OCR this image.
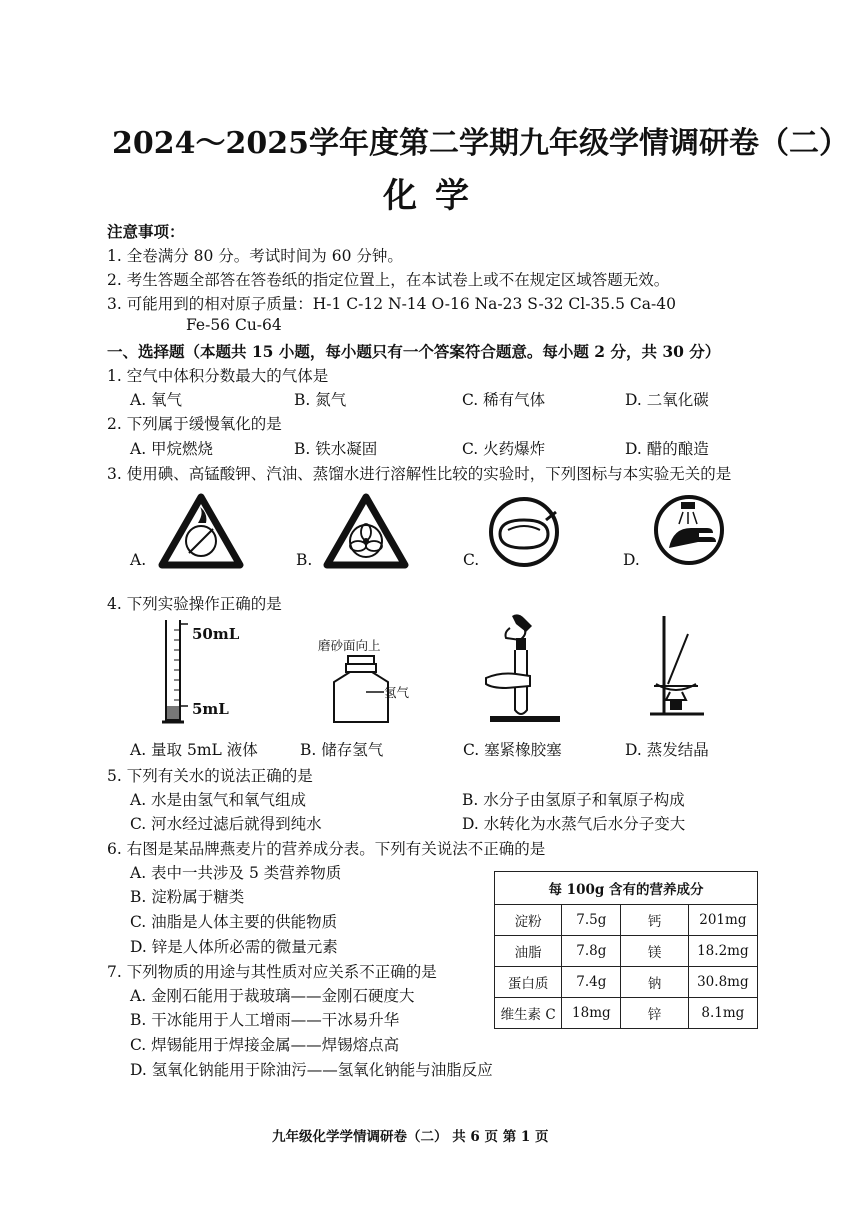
2024～2025学年度第二学期九年级学情调研卷（二）
化学
注意事项：
1. 全卷满分 80 分。考试时间为 60 分钟。
2. 考生答题全部答在答卷纸的指定位置上，在本试卷上或不在规定区域答题无效。
3. 可能用到的相对原子质量：H-1 C-12 N-14 O-16 Na-23 S-32 Cl-35.5 Ca-40
Fe-56 Cu-64
一、选择题（本题共 15 小题，每小题只有一个答案符合题意。每小题 2 分，共 30 分）
1. 空气中体积分数最大的气体是
A. 氧气	B. 氮气	C. 稀有气体	D. 二氧化碳
2. 下列属于缓慢氧化的是
A. 甲烷燃烧	B. 铁水凝固	C. 火药爆炸	D. 醋的酿造
3. 使用碘、高锰酸钾、汽油、蒸馏水进行溶解性比较的实验时，下列图标与本实验无关的是
A.	B.	C.	D.
4. 下列实验操作正确的是
50mL
5mL
A. 量取 5mL 液体
磨砂面向上
氢气
B. 储存氢气	C. 塞紧橡胶塞	D. 蒸发结晶
5. 下列有关水的说法正确的是
A. 水是由氢气和氧气组成	B. 水分子由氢原子和氧原子构成
C. 河水经过滤后就得到纯水	D. 水转化为水蒸气后水分子变大
6. 右图是某品牌燕麦片的营养成分表。下列有关说法不正确的是
A. 表中一共涉及 5 类营养物质
B. 淀粉属于糖类
C. 油脂是人体主要的供能物质
D. 锌是人体所必需的微量元素
每 100g 含有的营养成分			
淀粉	7.5g	钙	201mg
油脂	7.8g	镁	18.2mg
蛋白质	7.4g	钠	30.8mg
维生素 C	18mg	锌	8.1mg
7. 下列物质的用途与其性质对应关系不正确的是
A. 金刚石能用于裁玻璃——金刚石硬度大
B. 干冰能用于人工增雨——干冰易升华
C. 焊锡能用于焊接金属——焊锡熔点高
D. 氢氧化钠能用于除油污——氢氧化钠能与油脂反应
九年级化学学情调研卷（二） 共 6 页 第 1 页
